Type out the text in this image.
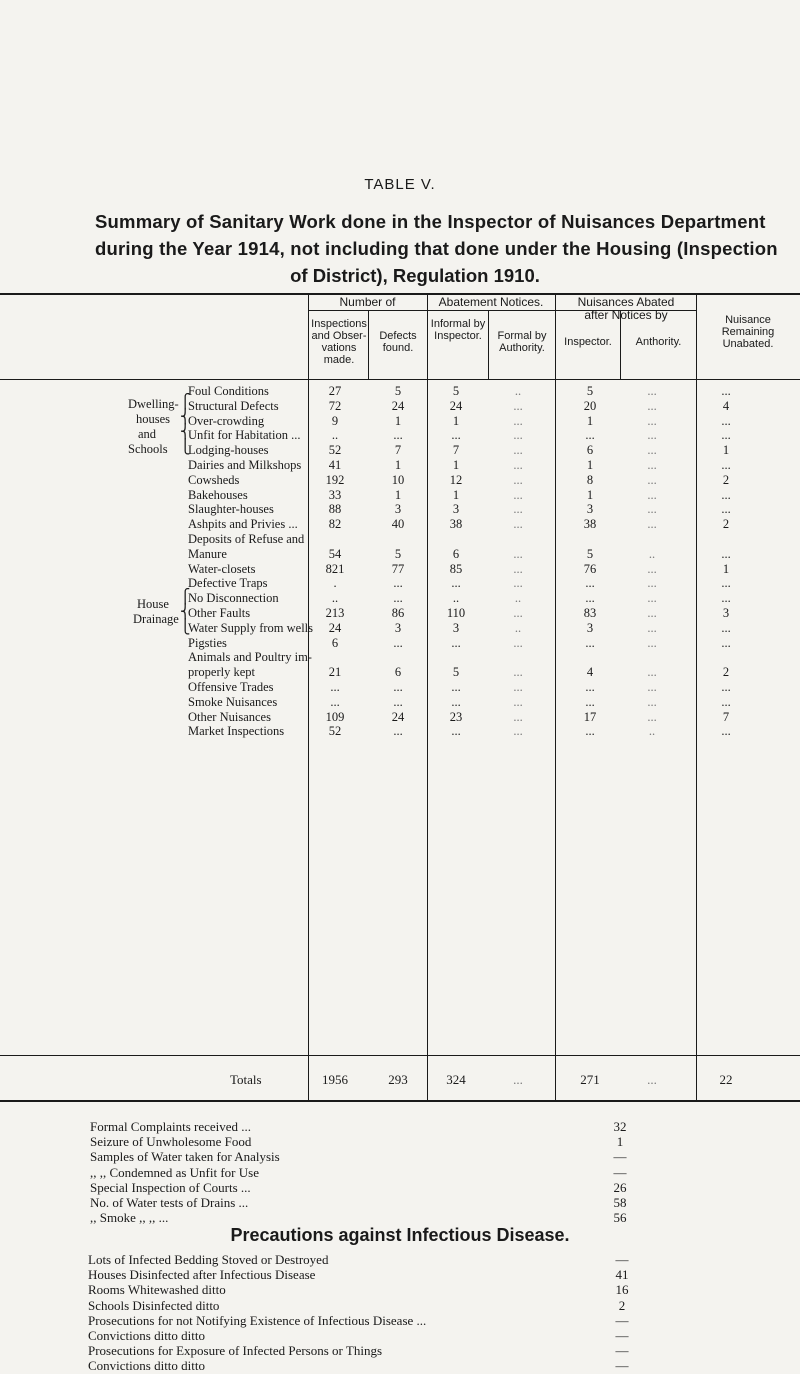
TABLE V.
Summary of Sanitary Work done in the Inspector of Nuisances Department
during the Year 1914, not including that done under the Housing (Inspection
of District), Regulation 1910.
Number of	Abatement Notices.	Nuisances Abated after Notices by	Nuisance Remaining Unabated.
Inspections and Obser- vations made.
Defects found.
Informal by Inspector.	Formal by Authority.	Inspector.	Anthority.
Dwelling-
houses
and
Schools
⎧
⎨
⎨
⎩
House
Drainage
⎧
⎨
⎩
Foul Conditions	27	5	5	..	5	...	...
Structural Defects	72	24	24	...	20	...	4
Over-crowding	9	1	1	...	1	...	...
Unfit for Habitation ...	..	...	...	...	...	...	...
Lodging-houses	52	7	7	...	6	...	1
Dairies and Milkshops	41	1	1	...	1	...	...
Cowsheds	192	10	12	...	8	...	2
Bakehouses	33	1	1	...	1	...	...
Slaughter-houses	88	3	3	...	3	...	...
Ashpits and Privies ...	82	40	38	...	38	...	2
Deposits of Refuse and
Manure	54	5	6	...	5	..	...
Water-closets	821	77	85	...	76	...	1
Defective Traps	.	...	...	...	...	...	...
No Disconnection	..	...	..	..	...	...	...
Other Faults	213	86	110	...	83	...	3
Water Supply from wells	24	3	3	..	3	...	...
Pigsties	6	...	...	...	...	...	...
Animals and Poultry im-
properly kept	21	6	5	...	4	...	2
Offensive Trades	...	...	...	...	...	...	...
Smoke Nuisances	...	...	...	...	...	...	...
Other Nuisances	109	24	23	...	17	...	7
Market Inspections	52	...	...	...	...	..	...
Totals	1956	293	324	...	271	...	22
Formal Complaints received ...	32
Seizure of Unwholesome Food	1
Samples of Water taken for Analysis	—
,, ,, Condemned as Unfit for Use	—
Special Inspection of Courts ...	26
No. of Water tests of Drains ...	58
,, Smoke ,, ,, ...	56
Precautions against Infectious Disease.
Lots of Infected Bedding Stoved or Destroyed	—
Houses Disinfected after Infectious Disease	41
Rooms Whitewashed ditto	16
Schools Disinfected ditto	2
Prosecutions for not Notifying Existence of Infectious Disease ...	—
Convictions ditto ditto	—
Prosecutions for Exposure of Infected Persons or Things	—
Convictions ditto ditto	—
